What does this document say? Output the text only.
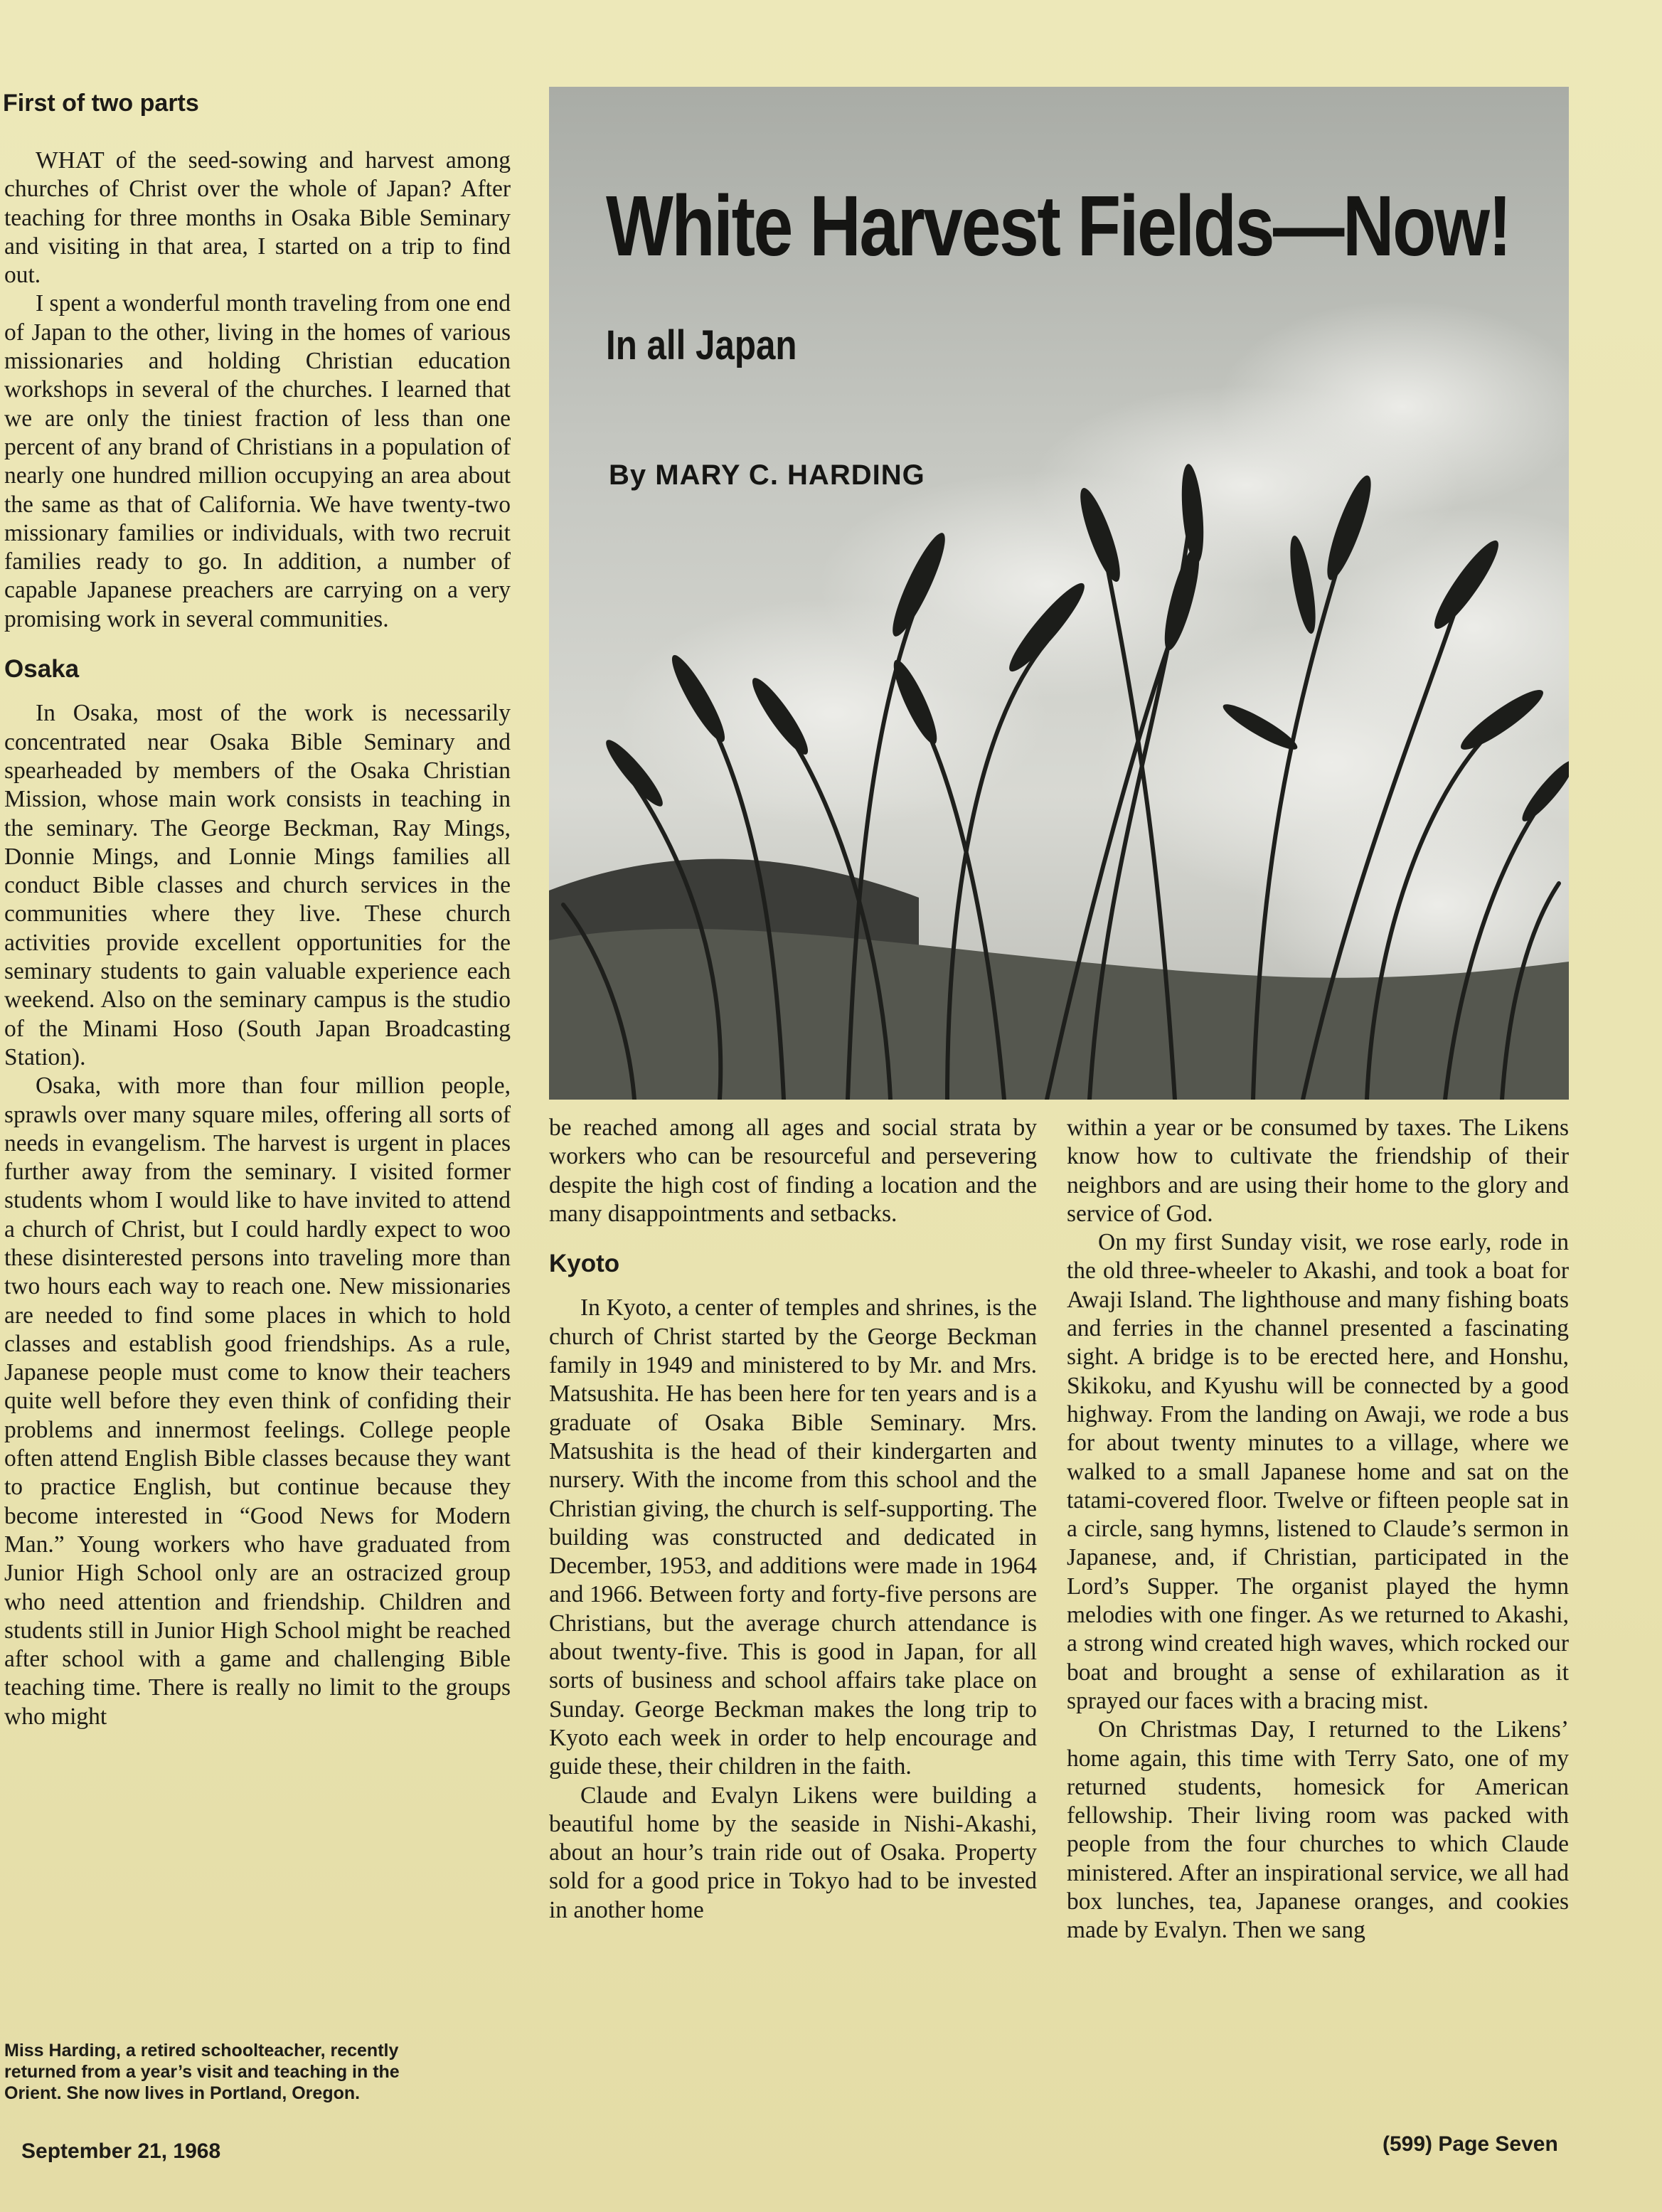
First of two parts

WHAT of the seed-sowing and harvest among churches of Christ over the whole of Japan? After teaching for three months in Osaka Bible Seminary and visiting in that area, I started on a trip to find out.

I spent a wonderful month traveling from one end of Japan to the other, living in the homes of various missionaries and holding Christian education workshops in several of the churches. I learned that we are only the tiniest fraction of less than one percent of any brand of Christians in a population of nearly one hundred million occupying an area about the same as that of California. We have twenty-two missionary families or individuals, with two recruit families ready to go. In addition, a number of capable Japanese preachers are carrying on a very promising work in several communities.

Osaka

In Osaka, most of the work is necessarily concentrated near Osaka Bible Seminary and spearheaded by members of the Osaka Christian Mission, whose main work consists in teaching in the seminary. The George Beckman, Ray Mings, Donnie Mings, and Lonnie Mings families all conduct Bible classes and church services in the communities where they live. These church activities provide excellent opportunities for the seminary students to gain valuable experience each weekend. Also on the seminary campus is the studio of the Minami Hoso (South Japan Broadcasting Station).

Osaka, with more than four million people, sprawls over many square miles, offering all sorts of needs in evangelism. The harvest is urgent in places further away from the seminary. I visited former students whom I would like to have invited to attend a church of Christ, but I could hardly expect to woo these disinterested persons into traveling more than two hours each way to reach one. New missionaries are needed to find some places in which to hold classes and establish good friendships. As a rule, Japanese people must come to know their teachers quite well before they even think of confiding their problems and innermost feelings. College people often attend English Bible classes because they want to practice English, but continue because they become interested in “Good News for Modern Man.” Young workers who have graduated from Junior High School only are an ostracized group who need attention and friendship. Children and students still in Junior High School might be reached after school with a game and challenging Bible teaching time. There is really no limit to the groups who might

Miss Harding, a retired schoolteacher, recently
returned from a year’s visit and teaching in the
Orient. She now lives in Portland, Oregon.
White Harvest Fields—Now!
In all Japan
By MARY C. HARDING

be reached among all ages and social strata by workers who can be resourceful and persevering despite the high cost of finding a location and the many disappointments and setbacks.

Kyoto

In Kyoto, a center of temples and shrines, is the church of Christ started by the George Beckman family in 1949 and ministered to by Mr. and Mrs. Matsushita. He has been here for ten years and is a graduate of Osaka Bible Seminary. Mrs. Matsushita is the head of their kindergarten and nursery. With the income from this school and the Christian giving, the church is self-supporting. The building was constructed and dedicated in December, 1953, and additions were made in 1964 and 1966. Between forty and forty-five persons are Christians, but the average church attendance is about twenty-five. This is good in Japan, for all sorts of business and school affairs take place on Sunday. George Beckman makes the long trip to Kyoto each week in order to help encourage and guide these, their children in the faith.

Claude and Evalyn Likens were building a beautiful home by the seaside in Nishi-Akashi, about an hour’s train ride out of Osaka. Property sold for a good price in Tokyo had to be invested in another home

within a year or be consumed by taxes. The Likens know how to cultivate the friendship of their neighbors and are using their home to the glory and service of God.

On my first Sunday visit, we rose early, rode in the old three-wheeler to Akashi, and took a boat for Awaji Island. The lighthouse and many fishing boats and ferries in the channel presented a fascinating sight. A bridge is to be erected here, and Honshu, Skikoku, and Kyushu will be connected by a good highway. From the landing on Awaji, we rode a bus for about twenty minutes to a village, where we walked to a small Japanese home and sat on the tatami-covered floor. Twelve or fifteen people sat in a circle, sang hymns, listened to Claude’s sermon in Japanese, and, if Christian, participated in the Lord’s Supper. The organist played the hymn melodies with one finger. As we returned to Akashi, a strong wind created high waves, which rocked our boat and brought a sense of exhilaration as it sprayed our faces with a bracing mist.

On Christmas Day, I returned to the Likens’ home again, this time with Terry Sato, one of my returned students, homesick for American fellowship. Their living room was packed with people from the four churches to which Claude ministered. After an inspirational service, we all had box lunches, tea, Japanese oranges, and cookies made by Evalyn. Then we sang

September 21, 1968	(599) Page Seven
